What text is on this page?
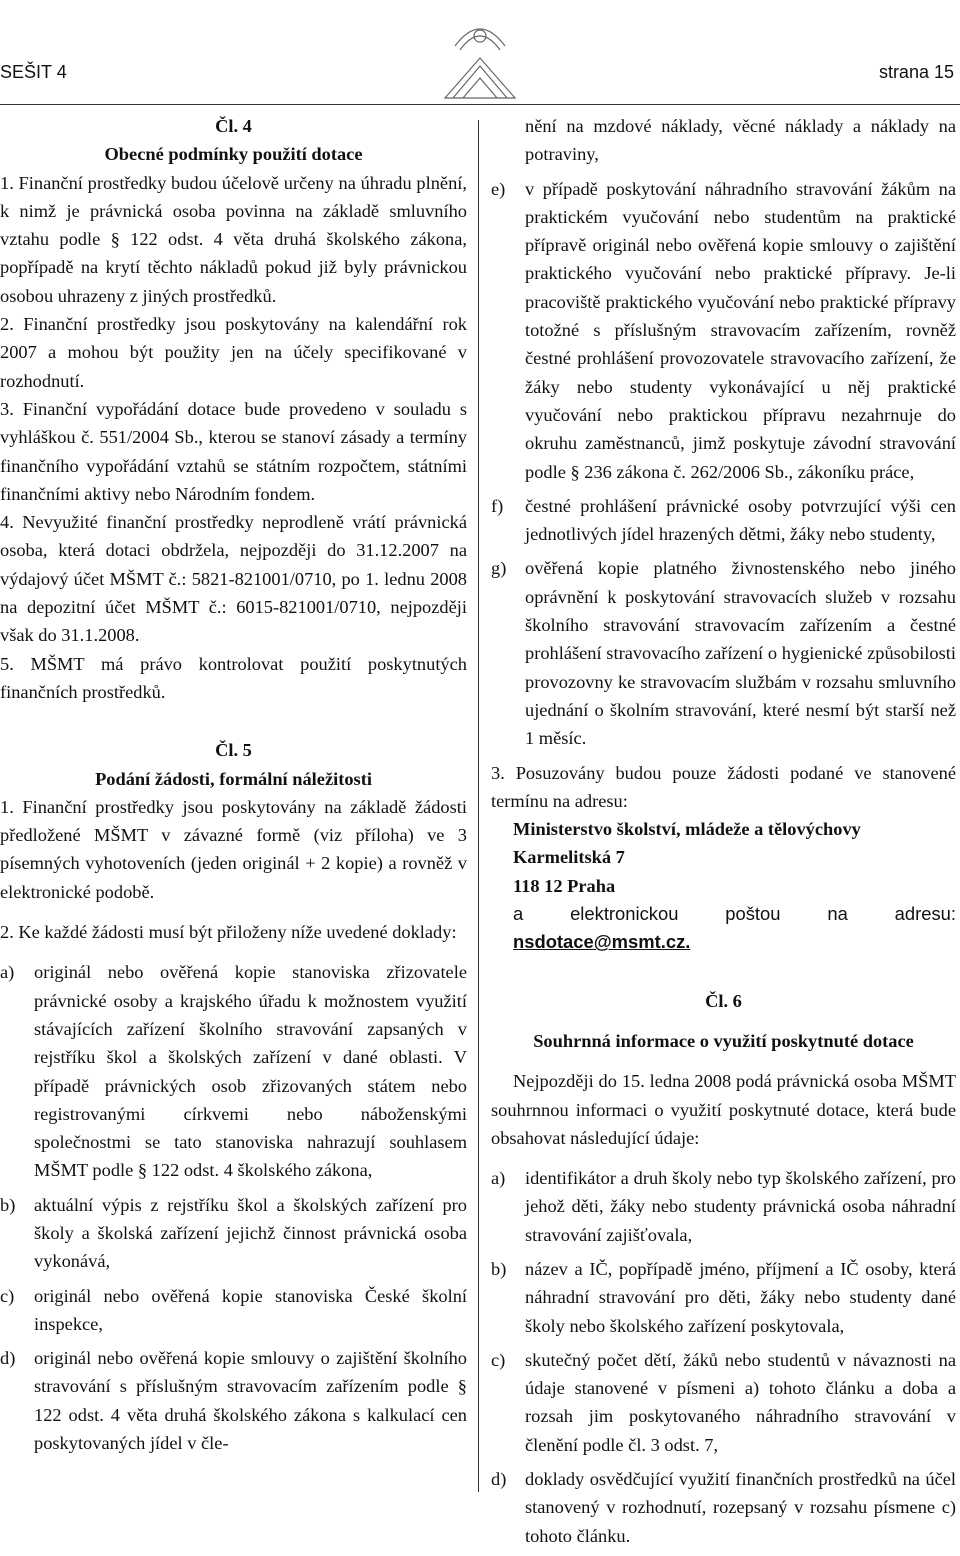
SEŠIT 4	strana 15
Čl. 4
Obecné podmínky použití dotace

1. Finanční prostředky budou účelově určeny na úhradu plnění, k nimž je právnická osoba povinna na základě smluvního vztahu podle § 122 odst. 4 věta druhá školského zákona, popřípadě na krytí těchto nákladů pokud již byly právnickou osobou uhrazeny z jiných prostředků.

2. Finanční prostředky jsou poskytovány na kalendářní rok 2007 a mohou být použity jen na účely specifikované v rozhodnutí.

3. Finanční vypořádání dotace bude provedeno v souladu s vyhláškou č. 551/2004 Sb., kterou se stanoví zásady a termíny finančního vypořádání vztahů se státním rozpočtem, státními finančními aktivy nebo Národním fondem.

4. Nevyužité finanční prostředky neprodleně vrátí právnická osoba, která dotaci obdržela, nejpozději do 31.12.2007 na výdajový účet MŠMT č.: 5821-821001/0710, po 1. lednu 2008 na depozitní účet MŠMT č.: 6015-821001/0710, nejpozději však do 31.1.2008.

5. MŠMT má právo kontrolovat použití poskytnutých finančních prostředků.

Čl. 5
Podání žádosti, formální náležitosti

1. Finanční prostředky jsou poskytovány na základě žádosti předložené MŠMT v závazné formě (viz příloha) ve 3 písemných vyhotoveních (jeden originál + 2 kopie) a rovněž v elektronické podobě.

2. Ke každé žádosti musí být přiloženy níže uvedené doklady:

a)	originál nebo ověřená kopie stanoviska zřizovatele právnické osoby a krajského úřadu k možnostem využití stávajících zařízení školního stravování zapsaných v rejstříku škol a školských zařízení v dané oblasti. V případě právnických osob zřizovaných státem nebo registrovanými církvemi nebo náboženskými společnostmi se tato stanoviska nahrazují souhlasem MŠMT podle § 122 odst. 4 školského zákona,
b)	aktuální výpis z rejstříku škol a školských zařízení pro školy a školská zařízení jejichž činnost právnická osoba vykonává,
c)	originál nebo ověřená kopie stanoviska České školní inspekce,
d)	originál nebo ověřená kopie smlouvy o zajištění školního stravování s příslušným stravovacím zařízením podle § 122 odst. 4 věta druhá školského zákona s kalkulací cen poskytovaných jídel v čle-
nění na mzdové náklady, věcné náklady a náklady na potraviny,
e)	v případě poskytování náhradního stravování žákům na praktickém vyučování nebo studentům na praktické přípravě originál nebo ověřená kopie smlouvy o zajištění praktického vyučování nebo praktické přípravy. Je-li pracoviště praktického vyučování nebo praktické přípravy totožné s příslušným stravovacím zařízením, rovněž čestné prohlášení provozovatele stravovacího zařízení, že žáky nebo studenty vykonávající u něj praktické vyučování nebo praktickou přípravu nezahrnuje do okruhu zaměstnanců, jimž poskytuje závodní stravování podle § 236 zákona č. 262/2006 Sb., zákoníku práce,
f)	čestné prohlášení právnické osoby potvrzující výši cen jednotlivých jídel hrazených dětmi, žáky nebo studenty,
g)	ověřená kopie platného živnostenského nebo jiného oprávnění k poskytování stravovacích služeb v rozsahu školního stravování stravovacím zařízením a čestné prohlášení stravovacího zařízení o hygienické způsobilosti provozovny ke stravovacím službám v rozsahu smluvního ujednání o školním stravování, které nesmí být starší než 1 měsíc.

3. Posuzovány budou pouze žádosti podané ve stanovené termínu na adresu:

Ministerstvo školství, mládeže a tělovýchovy
Karmelitská 7
118 12 Praha
a elektronickou poštou na adresu: nsdotace@msmt.cz.
Čl. 6
Souhrnná informace o využití poskytnuté dotace

Nejpozději do 15. ledna 2008 podá právnická osoba MŠMT souhrnnou informaci o využití poskytnuté dotace, která bude obsahovat následující údaje:

a)	identifikátor a druh školy nebo typ školského zařízení, pro jehož děti, žáky nebo studenty právnická osoba náhradní stravování zajišťovala,
b)	název a IČ, popřípadě jméno, příjmení a IČ osoby, která náhradní stravování pro děti, žáky nebo studenty dané školy nebo školského zařízení poskytovala,
c)	skutečný počet dětí, žáků nebo studentů v návaznosti na údaje stanovené v písmeni a) tohoto článku a doba a rozsah jim poskytovaného náhradního stravování v členění podle čl. 3 odst. 7,
d)	doklady osvědčující využití finančních prostředků na účel stanovený v rozhodnutí, rozepsaný v rozsahu písmene c) tohoto článku.
